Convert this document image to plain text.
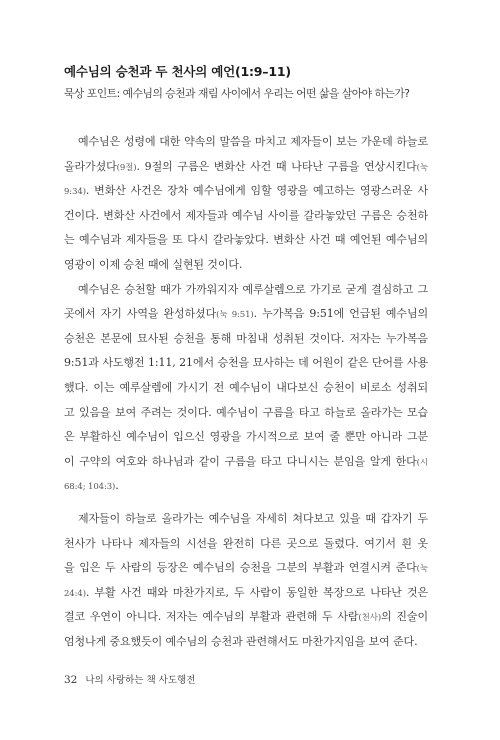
예수님의 승천과 두 천사의 예언(1:9–11)
묵상 포인트: 예수님의 승천과 재림 사이에서 우리는 어떤 삶을 살아야 하는가?
예수님은 성령에 대한 약속의 말씀을 마치고 제자들이 보는 가운데 하늘로
올라가셨다(9절). 9절의 구름은 변화산 사건 때 나타난 구름을 연상시킨다(눅
9:34). 변화산 사건은 장차 예수님에게 임할 영광을 예고하는 영광스러운 사
건이다. 변화산 사건에서 제자들과 예수님 사이를 갈라놓았던 구름은 승천하
는 예수님과 제자들을 또 다시 갈라놓았다. 변화산 사건 때 예언된 예수님의
영광이 이제 승천 때에 실현된 것이다.
예수님은 승천할 때가 가까워지자 예루살렘으로 가기로 굳게 결심하고 그
곳에서 자기 사역을 완성하셨다(눅 9:51). 누가복음 9:51에 언급된 예수님의
승천은 본문에 묘사된 승천을 통해 마침내 성취된 것이다. 저자는 누가복음
9:51과 사도행전 1:11, 21에서 승천을 묘사하는 데 어원이 같은 단어를 사용
했다. 이는 예루살렘에 가시기 전 예수님이 내다보신 승천이 비로소 성취되
고 있음을 보여 주려는 것이다. 예수님이 구름을 타고 하늘로 올라가는 모습
은 부활하신 예수님이 입으신 영광을 가시적으로 보여 줄 뿐만 아니라 그분
이 구약의 여호와 하나님과 같이 구름을 타고 다니시는 분임을 알게 한다(시
68:4; 104:3).
제자들이 하늘로 올라가는 예수님을 자세히 쳐다보고 있을 때 갑자기 두
천사가 나타나 제자들의 시선을 완전히 다른 곳으로 돌렸다. 여기서 흰 옷
을 입은 두 사람의 등장은 예수님의 승천을 그분의 부활과 연결시켜 준다(눅
24:4). 부활 사건 때와 마찬가지로, 두 사람이 동일한 복장으로 나타난 것은
결코 우연이 아니다. 저자는 예수님의 부활과 관련해 두 사람(천사)의 진술이
엄청나게 중요했듯이 예수님의 승천과 관련해서도 마찬가지임을 보여 준다.
32 나의 사랑하는 책 사도행전
